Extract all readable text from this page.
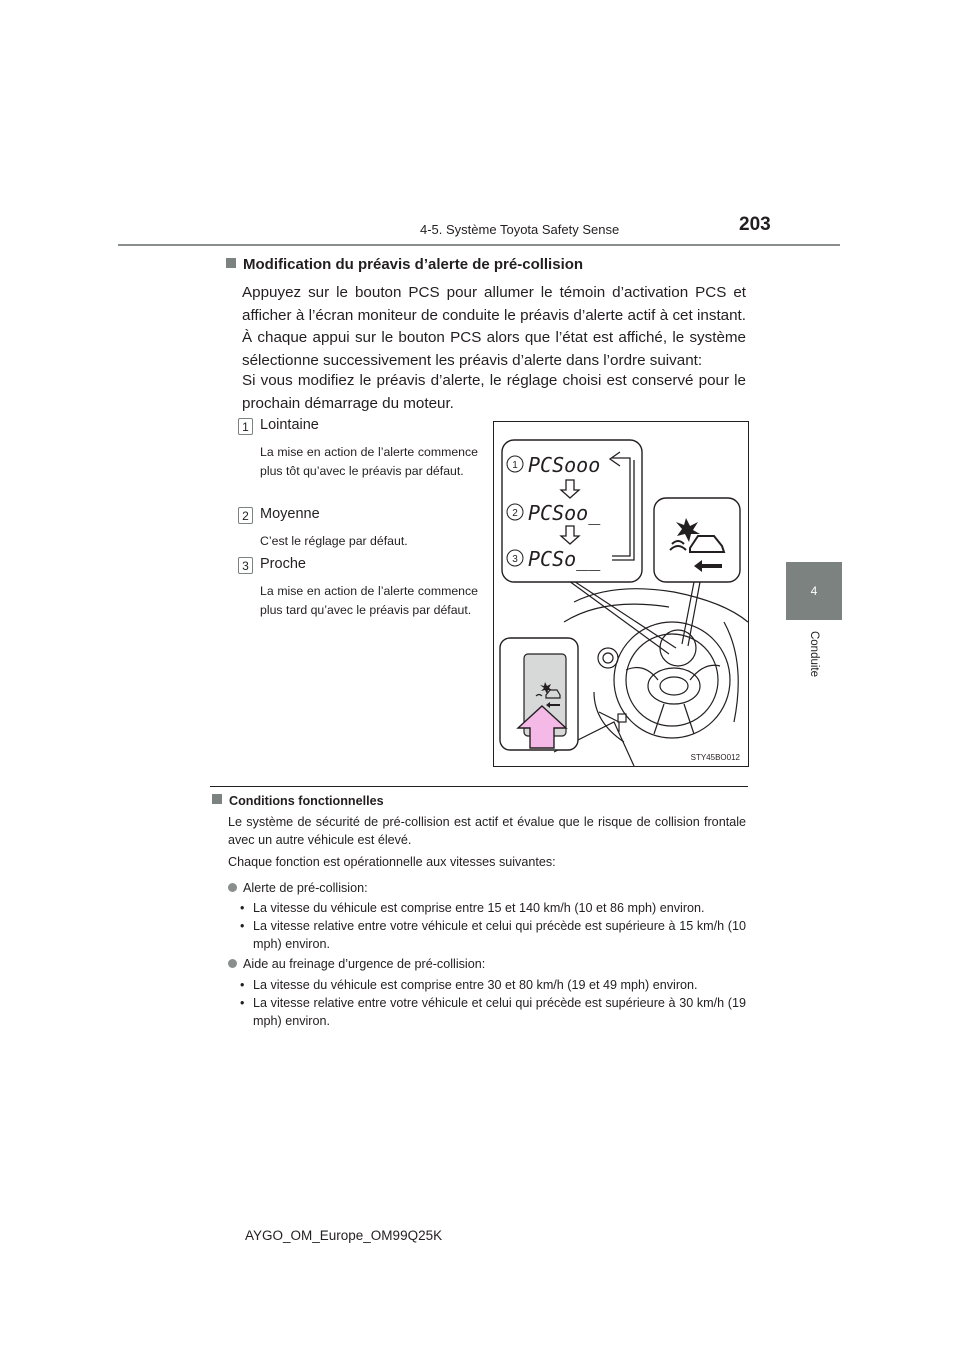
4-5. Système Toyota Safety Sense	203
4
Conduite
Modification du préavis d’alerte de pré-collision
Appuyez sur le bouton PCS pour allumer le témoin d’activation PCS et afficher à l’écran moniteur de conduite le préavis d’alerte actif à cet instant. À chaque appui sur le bouton PCS alors que l’état est affiché, le système sélectionne successivement les préavis d’alerte dans l’ordre suivant:
Si vous modifiez le préavis d’alerte, le réglage choisi est conservé pour le prochain démarrage du moteur.
1 Lointaine
La mise en action de l’alerte commence plus tôt qu’avec le préavis par défaut.
2 Moyenne
C’est le réglage par défaut.
3 Proche
La mise en action de l’alerte commence plus tard qu’avec le préavis par défaut.
1
2
3
PCSooo
PCSoo_
PCSo__
STY45BO012
Conditions fonctionnelles
Le système de sécurité de pré-collision est actif et évalue que le risque de collision frontale avec un autre véhicule est élevé.
Chaque fonction est opérationnelle aux vitesses suivantes:
Alerte de pré-collision:
• La vitesse du véhicule est comprise entre 15 et 140 km/h (10 et 86 mph) environ.
• La vitesse relative entre votre véhicule et celui qui précède est supérieure à 15 km/h (10 mph) environ.
Aide au freinage d’urgence de pré-collision:
• La vitesse du véhicule est comprise entre 30 et 80 km/h (19 et 49 mph) environ.
• La vitesse relative entre votre véhicule et celui qui précède est supérieure à 30 km/h (19 mph) environ.
AYGO_OM_Europe_OM99Q25K
